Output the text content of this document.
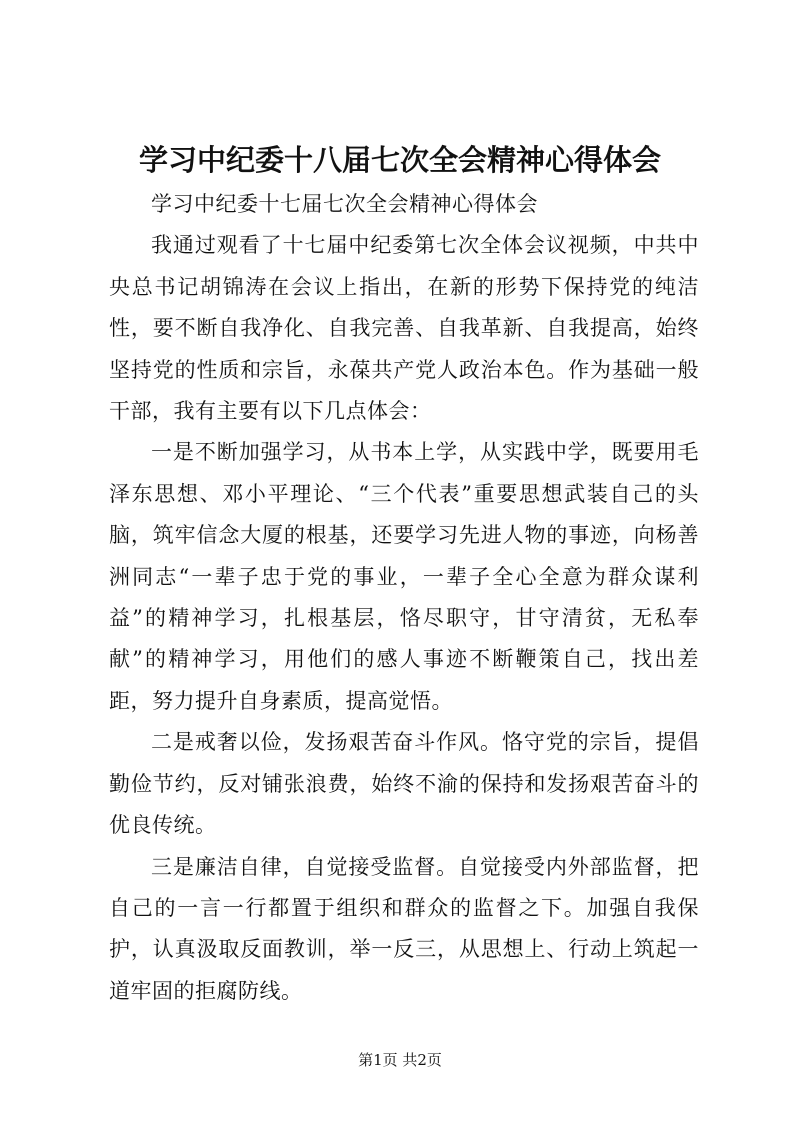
学习中纪委十八届七次全会精神心得体会

学习中纪委十七届七次全会精神心得体会

我通过观看了十七届中纪委第七次全体会议视频，中共中央总书记胡锦涛在会议上指出，在新的形势下保持党的纯洁性，要不断自我净化、自我完善、自我革新、自我提高，始终坚持党的性质和宗旨，永葆共产党人政治本色。作为基础一般干部，我有主要有以下几点体会：

一是不断加强学习，从书本上学，从实践中学，既要用毛泽东思想、邓小平理论、“三个代表”重要思想武装自己的头脑，筑牢信念大厦的根基，还要学习先进人物的事迹，向杨善洲同志“一辈子忠于党的事业，一辈子全心全意为群众谋利益”的精神学习，扎根基层，恪尽职守，甘守清贫，无私奉献”的精神学习，用他们的感人事迹不断鞭策自己，找出差距，努力提升自身素质，提高觉悟。

二是戒奢以俭，发扬艰苦奋斗作风。恪守党的宗旨，提倡勤俭节约，反对铺张浪费，始终不渝的保持和发扬艰苦奋斗的优良传统。

三是廉洁自律，自觉接受监督。自觉接受内外部监督，把自己的一言一行都置于组织和群众的监督之下。加强自我保护，认真汲取反面教训，举一反三，从思想上、行动上筑起一道牢固的拒腐防线。

第1页 共2页
